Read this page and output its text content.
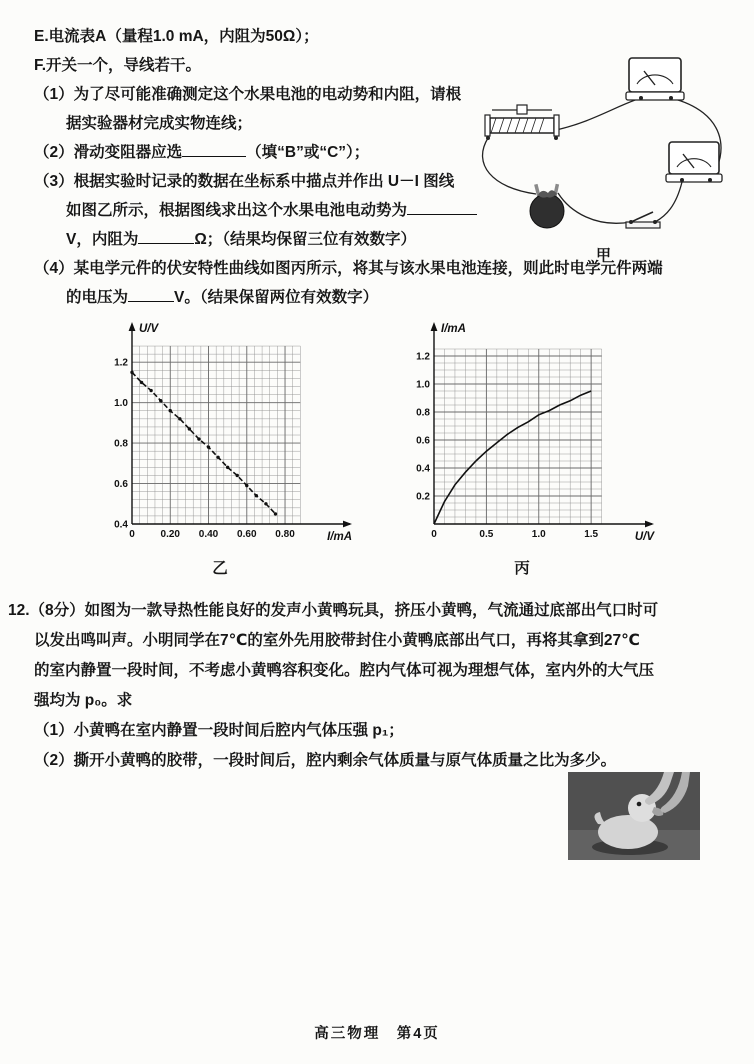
甲

E.电流表A（量程1.0 mA，内阻为50Ω）；

F.开关一个，导线若干。

（1）为了尽可能准确测定这个水果电池的电动势和内阻，请根

据实验器材完成实物连线；

（2）滑动变阻器应选	（填“B”或“C”）；

（3）根据实验时记录的数据在坐标系中描点并作出 U－I 图线

如图乙所示，根据图线求出这个水果电池电动势为

V，内阻为	Ω；（结果均保留三位有效数字）

（4）某电学元件的伏安特性曲线如图丙所示，将其与该水果电池连接，则此时电学元件两端

的电压为	V。（结果保留两位有效数字）

U/V
I/mA
0	0.20 0.40 0.60 0.80
0.4
0.6
0.8
1.0
1.2
乙
I/mA
U/V
0	0.5	1.0	1.5
0.2
0.4
0.6
0.8
1.0
1.2
丙

12.（8分）如图为一款导热性能良好的发声小黄鸭玩具，挤压小黄鸭，气流通过底部出气口时可

以发出鸣叫声。小明同学在7℃的室外先用胶带封住小黄鸭底部出气口，再将其拿到27℃

的室内静置一段时间，不考虑小黄鸭容积变化。腔内气体可视为理想气体，室内外的大气压

强均为 p₀。求

（1）小黄鸭在室内静置一段时间后腔内气体压强 p₁；

（2）撕开小黄鸭的胶带，一段时间后，腔内剩余气体质量与原气体质量之比为多少。

高三物理　第4页
